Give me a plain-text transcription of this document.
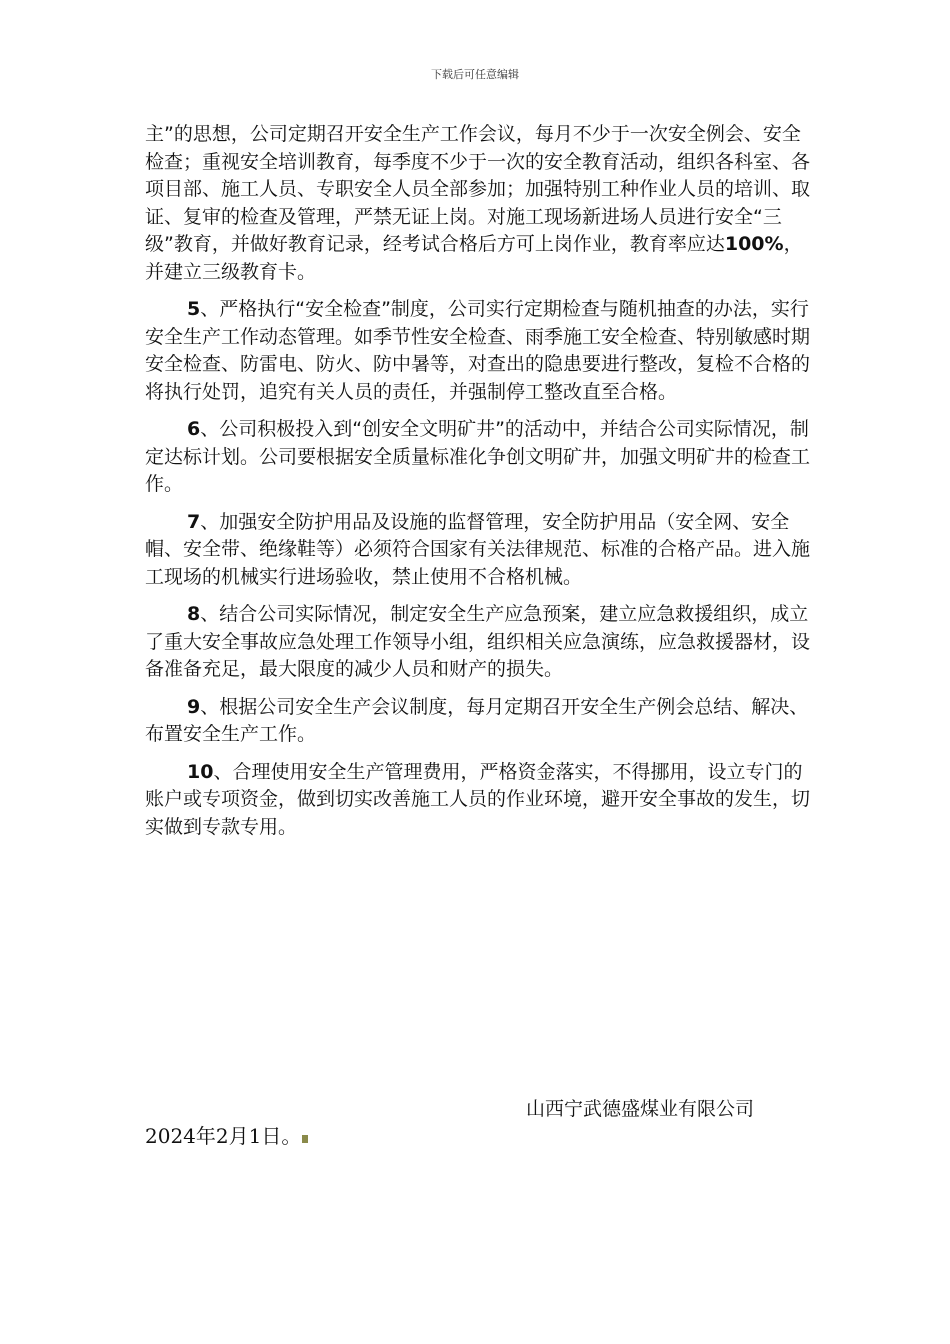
下载后可任意编辑

主”的思想，公司定期召开安全生产工作会议，每月不少于一次安全例会、安全检查；重视安全培训教育，每季度不少于一次的安全教育活动，组织各科室、各项目部、施工人员、专职安全人员全部参加；加强特别工种作业人员的培训、取证、复审的检查及管理，严禁无证上岗。对施工现场新进场人员进行安全“三级”教育，并做好教育记录，经考试合格后方可上岗作业，教育率应达100%，并建立三级教育卡。

5、严格执行“安全检查”制度，公司实行定期检查与随机抽查的办法，实行安全生产工作动态管理。如季节性安全检查、雨季施工安全检查、特别敏感时期安全检查、防雷电、防火、防中暑等，对查出的隐患要进行整改，复检不合格的将执行处罚，追究有关人员的责任，并强制停工整改直至合格。

6、公司积极投入到“创安全文明矿井”的活动中，并结合公司实际情况，制定达标计划。公司要根据安全质量标准化争创文明矿井，加强文明矿井的检查工作。

7、加强安全防护用品及设施的监督管理，安全防护用品（安全网、安全帽、安全带、绝缘鞋等）必须符合国家有关法律规范、标准的合格产品。进入施工现场的机械实行进场验收，禁止使用不合格机械。

8、结合公司实际情况，制定安全生产应急预案，建立应急救援组织，成立了重大安全事故应急处理工作领导小组，组织相关应急演练，应急救援器材，设备准备充足，最大限度的减少人员和财产的损失。

9、根据公司安全生产会议制度，每月定期召开安全生产例会总结、解决、布置安全生产工作。

10、合理使用安全生产管理费用，严格资金落实，不得挪用，设立专门的账户或专项资金，做到切实改善施工人员的作业环境，避开安全事故的发生，切实做到专款专用。

山西宁武德盛煤业有限公司
2024年2月1日。
